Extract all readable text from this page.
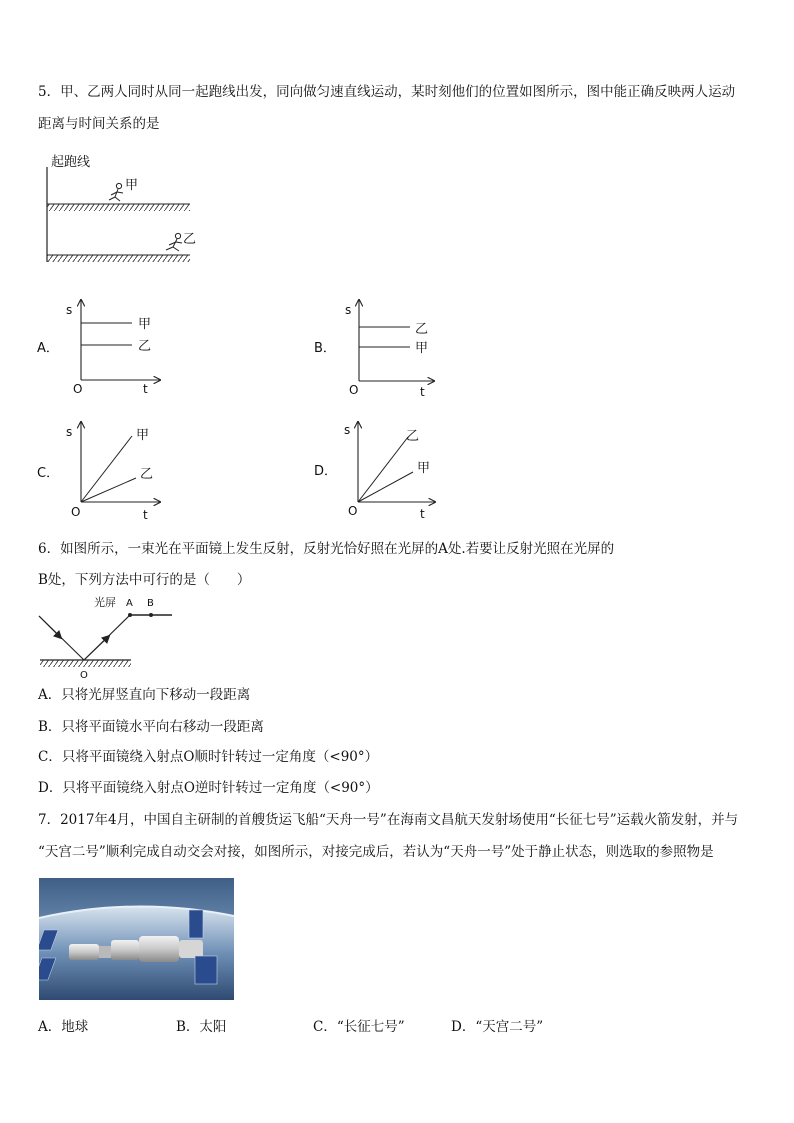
5．甲、乙两人同时从同一起跑线出发，同向做匀速直线运动，某时刻他们的位置如图所示，图中能正确反映两人运动
距离与时间关系的是
起跑线
甲
乙
A．
s
t
O
甲
乙	B．
s
t
O
乙
甲
C．
s
t
O
甲
乙	D．
s
t
O
乙
甲
6．如图所示，一束光在平面镜上发生反射，反射光恰好照在光屏的A处.若要让反射光照在光屏的
B处，下列方法中可行的是（　　）
光屏 A B
O
A．只将光屏竖直向下移动一段距离
B．只将平面镜水平向右移动一段距离
C．只将平面镜绕入射点O顺时针转过一定角度（<90°）
D．只将平面镜绕入射点O逆时针转过一定角度（<90°）
7．2017年4月，中国自主研制的首艘货运飞船“天舟一号”在海南文昌航天发射场使用“长征七号”运载火箭发射，并与
“天宫二号”顺利完成自动交会对接，如图所示，对接完成后，若认为“天舟一号”处于静止状态，则选取的参照物是
A．地球	B．太阳	C．“长征七号”	D．“天宫二号”
